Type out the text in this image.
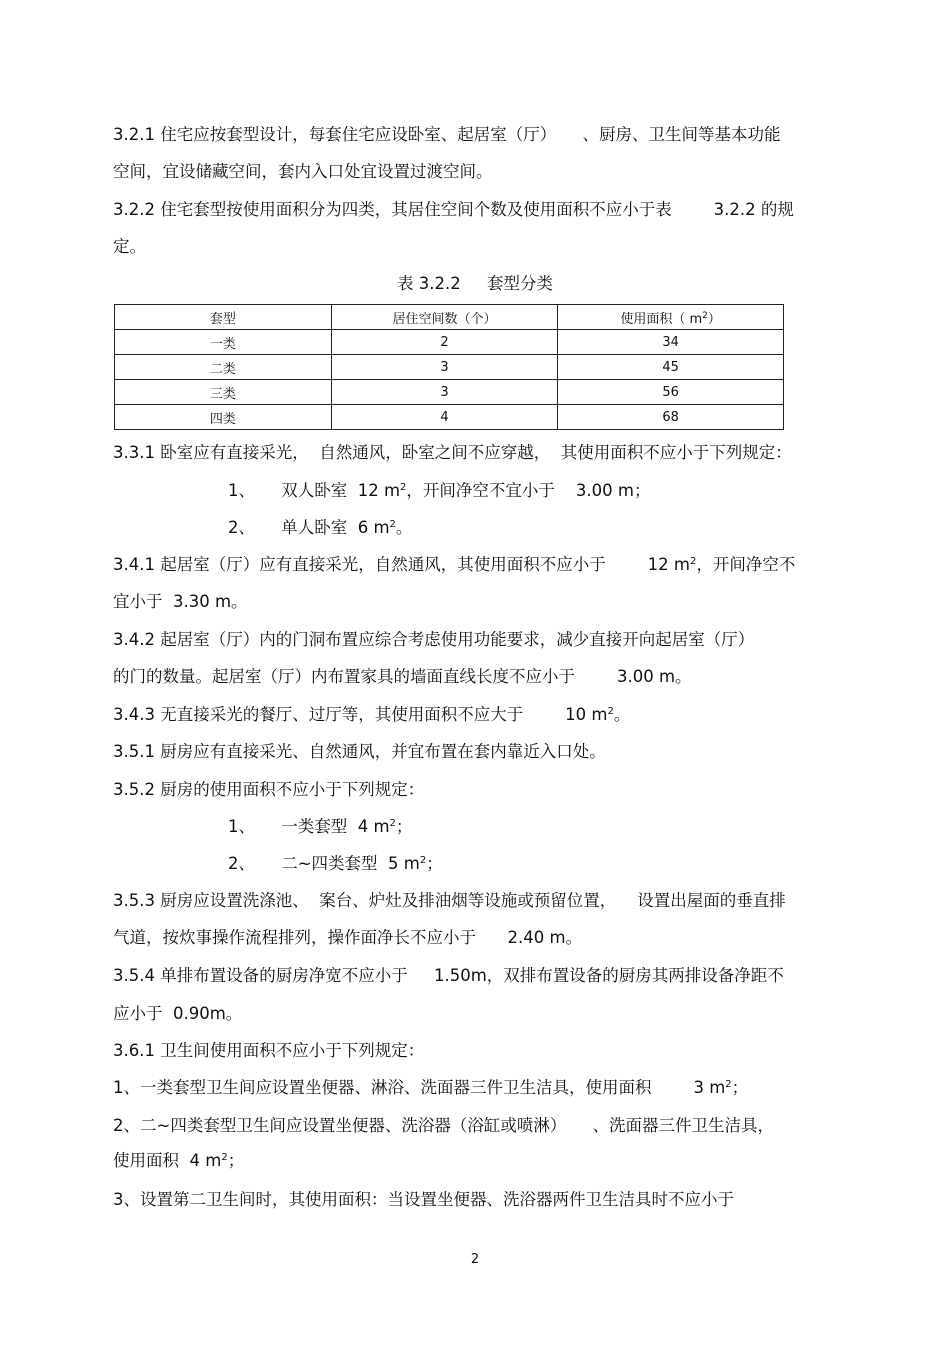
3.2.1 住宅应按套型设计，每套住宅应设卧室、起居室（厅）     、厨房、卫生间等基本功能
空间，宜设储藏空间，套内入口处宜设置过渡空间。
3.2.2 住宅套型按使用面积分为四类，其居住空间个数及使用面积不应小于表        3.2.2 的规
定。
表 3.2.2     套型分类
套型	居住空间数（个）	使用面积（ $m^2$）
一类	2	34
二类	3	45
三类	3	56
四类	4	68
3.3.1 卧室应有直接采光，  自然通风，卧室之间不应穿越，  其使用面积不应小于下列规定：
1、     双人卧室  12 $m^2$，开间净空不宜小于    3.00 m；
2、     单人卧室  6 $m^2$。
3.4.1 起居室（厅）应有直接采光，自然通风，其使用面积不应小于        12 $m^2$，开间净空不
宜小于  3.30 m。
3.4.2 起居室（厅）内的门洞布置应综合考虑使用功能要求，减少直接开向起居室（厅）
的门的数量。起居室（厅）内布置家具的墙面直线长度不应小于        3.00 m。
3.4.3 无直接采光的餐厅、过厅等，其使用面积不应大于        10 $m^2$。
3.5.1 厨房应有直接采光、自然通风，并宜布置在套内靠近入口处。
3.5.2 厨房的使用面积不应小于下列规定：
1、     一类套型  4 $m^2$；
2、     二~四类套型  5 $m^2$；
3.5.3 厨房应设置洗涤池、  案台、炉灶及排油烟等设施或预留位置，    设置出屋面的垂直排
气道，按炊事操作流程排列，操作面净长不应小于      2.40 m。
3.5.4 单排布置设备的厨房净宽不应小于     1.50m，双排布置设备的厨房其两排设备净距不
应小于  0.90m。
3.6.1 卫生间使用面积不应小于下列规定：
1、一类套型卫生间应设置坐便器、淋浴、洗面器三件卫生洁具，使用面积        3 $m^2$；
2、二~四类套型卫生间应设置坐便器、洗浴器（浴缸或喷淋）     、洗面器三件卫生洁具，
使用面积  4 $m^2$；
3、设置第二卫生间时，其使用面积：当设置坐便器、洗浴器两件卫生洁具时不应小于
2
